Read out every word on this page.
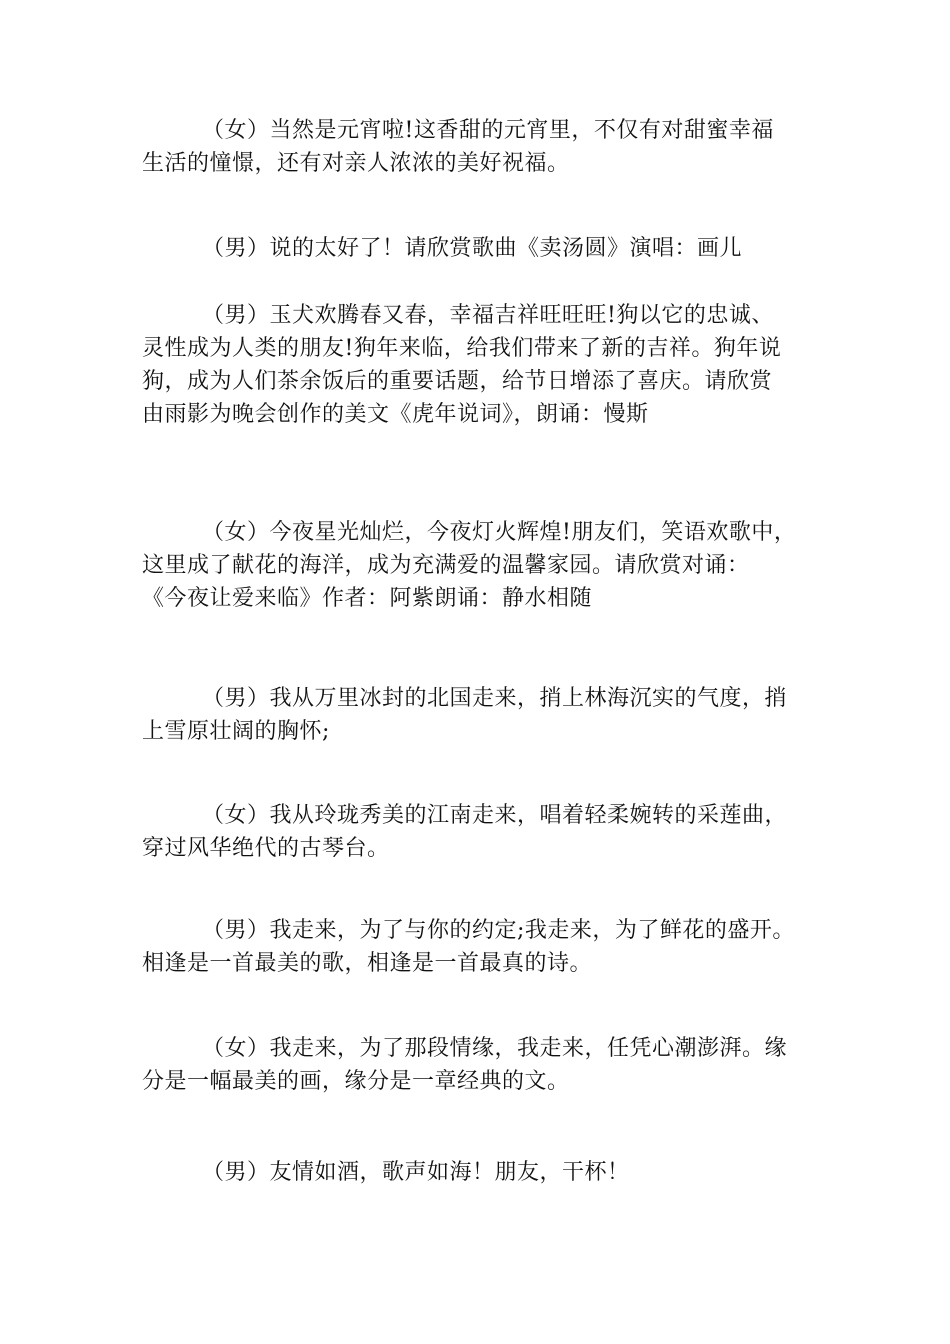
（女）当然是元宵啦!这香甜的元宵里，不仅有对甜蜜幸福
生活的憧憬，还有对亲人浓浓的美好祝福。

（男）说的太好了！请欣赏歌曲《卖汤圆》演唱：画儿

（男）玉犬欢腾春又春，幸福吉祥旺旺旺!狗以它的忠诚、
灵性成为人类的朋友!狗年来临，给我们带来了新的吉祥。狗年说
狗，成为人们茶余饭后的重要话题，给节日增添了喜庆。请欣赏
由雨影为晚会创作的美文《虎年说词》，朗诵：慢斯

（女）今夜星光灿烂，今夜灯火辉煌!朋友们，笑语欢歌中，
这里成了献花的海洋，成为充满爱的温馨家园。请欣赏对诵：
《今夜让爱来临》作者：阿紫朗诵：静水相随

（男）我从万里冰封的北国走来，捎上林海沉实的气度，捎
上雪原壮阔的胸怀;

（女）我从玲珑秀美的江南走来，唱着轻柔婉转的采莲曲，
穿过风华绝代的古琴台。

（男）我走来，为了与你的约定;我走来，为了鲜花的盛开。
相逢是一首最美的歌，相逢是一首最真的诗。

（女）我走来，为了那段情缘，我走来，任凭心潮澎湃。缘
分是一幅最美的画，缘分是一章经典的文。

（男）友情如酒，歌声如海！朋友，干杯！
